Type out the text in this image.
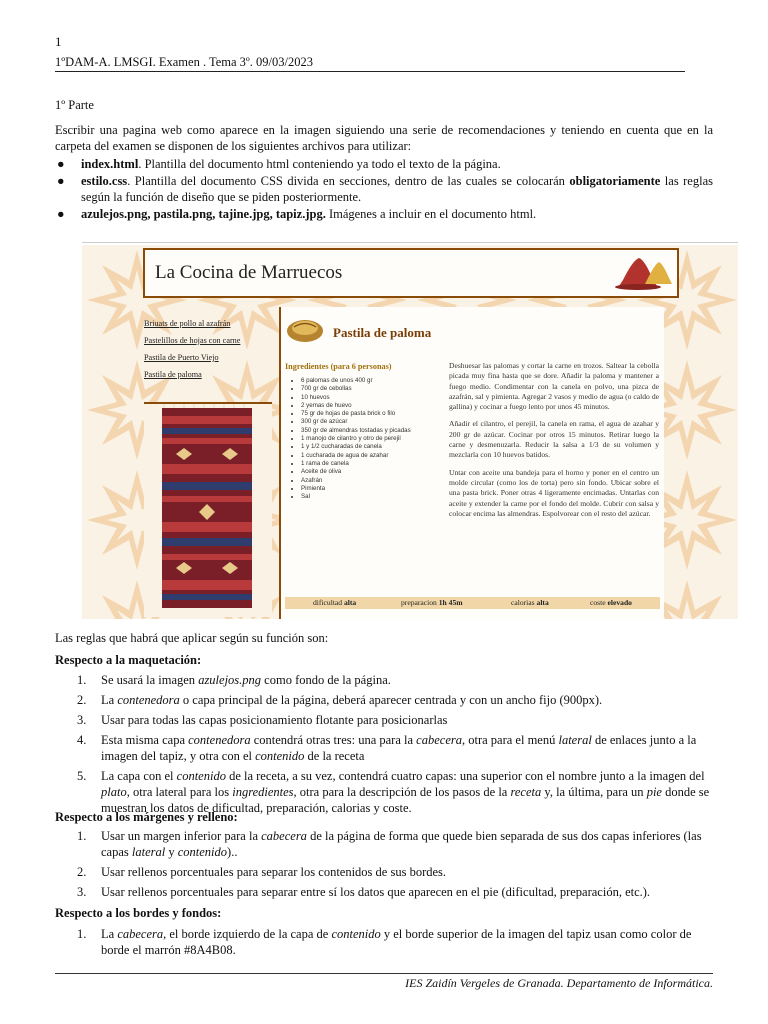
1
1ºDAM-A. LMSGI. Examen . Tema 3º. 09/03/2023
1º Parte

Escribir una pagina web como aparece en la imagen siguiendo una serie de recomendaciones y teniendo en cuenta que en la carpeta del examen se disponen de los siguientes archivos para utilizar:

● index.html. Plantilla del documento html conteniendo ya todo el texto de la página.
● estilo.css. Plantilla del documento CSS divida en secciones, dentro de las cuales se colocarán obligatoriamente las reglas según la función de diseño que se piden posteriormente.
● azulejos.png, pastila.png, tajine.jpg, tapiz.jpg. Imágenes a incluir en el documento html.
La Cocina de Marruecos
Briuats de pollo al azafrán
Pastelillos de hojas con carne
Pastila de Puerto Viejo
Pastila de paloma
Pastila de paloma
Ingredientes (para 6 personas)
• 6 palomas de unos 400 gr
• 700 gr de cebollas
• 10 huevos
• 2 yemas de huevo
• 75 gr de hojas de pasta brick o filo
• 300 gr de azúcar
• 350 gr de almendras tostadas y picadas
• 1 manojo de cilantro y otro de perejil
• 1 y 1/2 cucharadas de canela
• 1 cucharada de agua de azahar
• 1 rama de canela
• Aceite de oliva
• Azafrán
• Pimienta
• Sal

Deshuesar las palomas y cortar la carne en trozos. Saltear la cebolla picada muy fina hasta que se dore. Añadir la paloma y mantener a fuego medio. Condimentar con la canela en polvo, una pizca de azafrán, sal y pimienta. Agregar 2 vasos y medio de agua (o caldo de gallina) y cocinar a fuego lento por unos 45 minutos.

Añadir el cilantro, el perejil, la canela en rama, el agua de azahar y 200 gr de azúcar. Cocinar por otros 15 minutos. Retirar luego la carne y desmenuzarla. Reducir la salsa a 1/3 de su volumen y mezclarla con 10 huevos batidos.

Untar con aceite una bandeja para el horno y poner en el centro un molde circular (como los de torta) pero sin fondo. Ubicar sobre el una pasta brick. Poner otras 4 ligeramente encimadas. Untarlas con aceite y extender la carne por el fondo del molde. Cubrir con salsa y colocar encima las almendras. Espolvorear con el resto del azúcar.

dificultad alta	preparacion 1h 45m	calorias alta	coste elevado
Las reglas que habrá que aplicar según su función son:
Respecto a la maquetación:
1. Se usará la imagen azulejos.png como fondo de la página.
2. La contenedora o capa principal de la página, deberá aparecer centrada y con un ancho fijo (900px).
3. Usar para todas las capas posicionamiento flotante para posicionarlas
4. Esta misma capa contenedora contendrá otras tres: una para la cabecera, otra para el menú lateral de enlaces junto a la imagen del tapiz, y otra con el contenido de la receta
5. La capa con el contenido de la receta, a su vez, contendrá cuatro capas: una superior con el nombre junto a la imagen del plato, otra lateral para los ingredientes, otra para la descripción de los pasos de la receta y, la última, para un pie donde se muestran los datos de dificultad, preparación, calorias y coste.
Respecto a los márgenes y relleno:
1. Usar un margen inferior para la cabecera de la página de forma que quede bien separada de sus dos capas inferiores (las capas lateral y contenido)..
2. Usar rellenos porcentuales para separar los contenidos de sus bordes.
3. Usar rellenos porcentuales para separar entre sí los datos que aparecen en el pie (dificultad, preparación, etc.).
Respecto a los bordes y fondos:
1. La cabecera, el borde izquierdo de la capa de contenido y el borde superior de la imagen del tapiz usan como color de borde el marrón #8A4B08.
IES Zaidín Vergeles de Granada. Departamento de Informática.
